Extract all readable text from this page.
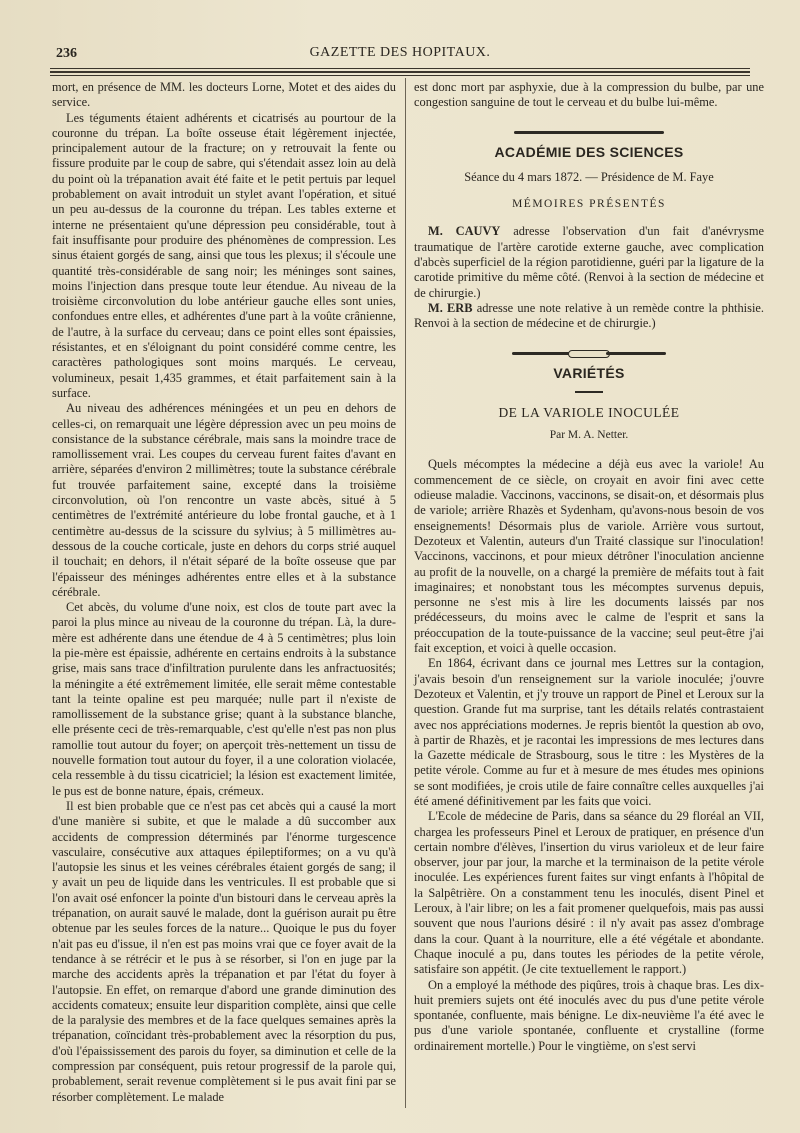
236	GAZETTE DES HOPITAUX.

mort, en présence de MM. les docteurs Lorne, Motet et des aides du service.

Les téguments étaient adhérents et cicatrisés au pourtour de la couronne du trépan. La boîte osseuse était légèrement injectée, principalement autour de la fracture; on y retrouvait la fente ou fissure produite par le coup de sabre, qui s'étendait assez loin au delà du point où la trépanation avait été faite et le petit pertuis par lequel probablement on avait introduit un stylet avant l'opération, et situé un peu au-dessus de la couronne du trépan. Les tables externe et interne ne présentaient qu'une dépression peu considérable, tout à fait insuffisante pour produire des phénomènes de compression. Les sinus étaient gorgés de sang, ainsi que tous les plexus; il s'écoule une quantité très-considérable de sang noir; les méninges sont saines, moins l'injection dans presque toute leur étendue. Au niveau de la troisième circonvolution du lobe antérieur gauche elles sont unies, confondues entre elles, et adhérentes d'une part à la voûte crânienne, de l'autre, à la surface du cerveau; dans ce point elles sont épaissies, résistantes, et en s'éloignant du point considéré comme centre, les caractères pathologiques sont moins marqués. Le cerveau, volumineux, pesait 1,435 grammes, et était parfaitement sain à la surface.

Au niveau des adhérences méningées et un peu en dehors de celles-ci, on remarquait une légère dépression avec un peu moins de consistance de la substance cérébrale, mais sans la moindre trace de ramollissement vrai. Les coupes du cerveau furent faites d'avant en arrière, séparées d'environ 2 millimètres; toute la substance cérébrale fut trouvée parfaitement saine, excepté dans la troisième circonvolution, où l'on rencontre un vaste abcès, situé à 5 centimètres de l'extrémité antérieure du lobe frontal gauche, et à 1 centimètre au-dessus de la scissure du sylvius; à 5 millimètres au-dessous de la couche corticale, juste en dehors du corps strié auquel il touchait; en dehors, il n'était séparé de la boîte osseuse que par l'épaisseur des méninges adhérentes entre elles et à la substance cérébrale.

Cet abcès, du volume d'une noix, est clos de toute part avec la paroi la plus mince au niveau de la couronne du trépan. Là, la dure-mère est adhérente dans une étendue de 4 à 5 centimètres; plus loin la pie-mère est épaissie, adhérente en certains endroits à la substance grise, mais sans trace d'infiltration purulente dans les anfractuosités; la méningite a été extrêmement limitée, elle serait même contestable tant la teinte opaline est peu marquée; nulle part il n'existe de ramollissement de la substance grise; quant à la substance blanche, elle présente ceci de très-remarquable, c'est qu'elle n'est pas non plus ramollie tout autour du foyer; on aperçoit très-nettement un tissu de nouvelle formation tout autour du foyer, il a une coloration violacée, cela ressemble à du tissu cicatriciel; la lésion est exactement limitée, le pus est de bonne nature, épais, crémeux.

Il est bien probable que ce n'est pas cet abcès qui a causé la mort d'une manière si subite, et que le malade a dû succomber aux accidents de compression déterminés par l'énorme turgescence vasculaire, consécutive aux attaques épileptiformes; on a vu qu'à l'autopsie les sinus et les veines cérébrales étaient gorgés de sang; il y avait un peu de liquide dans les ventricules. Il est probable que si l'on avait osé enfoncer la pointe d'un bistouri dans le cerveau après la trépanation, on aurait sauvé le malade, dont la guérison aurait pu être obtenue par les seules forces de la nature... Quoique le pus du foyer n'ait pas eu d'issue, il n'en est pas moins vrai que ce foyer avait de la tendance à se rétrécir et le pus à se résorber, si l'on en juge par la marche des accidents après la trépanation et par l'état du foyer à l'autopsie. En effet, on remarque d'abord une grande diminution des accidents comateux; ensuite leur disparition complète, ainsi que celle de la paralysie des membres et de la face quelques semaines après la trépanation, coïncidant très-probablement avec la résorption du pus, d'où l'épaississement des parois du foyer, sa diminution et celle de la compression par conséquent, puis retour progressif de la parole qui, probablement, serait revenue complètement si le pus avait fini par se résorber complètement. Le malade

est donc mort par asphyxie, due à la compression du bulbe, par une congestion sanguine de tout le cerveau et du bulbe lui-même.

ACADÉMIE DES SCIENCES
Séance du 4 mars 1872. — Présidence de M. Faye
MÉMOIRES PRÉSENTÉS

M. CAUVY adresse l'observation d'un fait d'anévrysme traumatique de l'artère carotide externe gauche, avec complication d'abcès superficiel de la région parotidienne, guéri par la ligature de la carotide primitive du même côté. (Renvoi à la section de médecine et de chirurgie.)

M. ERB adresse une note relative à un remède contre la phthisie. Renvoi à la section de médecine et de chirurgie.)

VARIÉTÉS
DE LA VARIOLE INOCULÉE
Par M. A. Netter.

Quels mécomptes la médecine a déjà eus avec la variole! Au commencement de ce siècle, on croyait en avoir fini avec cette odieuse maladie. Vaccinons, vaccinons, se disait-on, et désormais plus de variole; arrière Rhazès et Sydenham, qu'avons-nous besoin de vos enseignements! Désormais plus de variole. Arrière vous surtout, Dezoteux et Valentin, auteurs d'un Traité classique sur l'inoculation! Vaccinons, vaccinons, et pour mieux détrôner l'inoculation ancienne au profit de la nouvelle, on a chargé la première de méfaits tout à fait imaginaires; et nonobstant tous les mécomptes survenus depuis, personne ne s'est mis à lire les documents laissés par nos prédécesseurs, du moins avec le calme de l'esprit et sans la préoccupation de la toute-puissance de la vaccine; seul peut-être j'ai fait exception, et voici à quelle occasion.

En 1864, écrivant dans ce journal mes Lettres sur la contagion, j'avais besoin d'un renseignement sur la variole inoculée; j'ouvre Dezoteux et Valentin, et j'y trouve un rapport de Pinel et Leroux sur la question. Grande fut ma surprise, tant les détails relatés contrastaient avec nos appréciations modernes. Je repris bientôt la question ab ovo, à partir de Rhazès, et je racontai les impressions de mes lectures dans la Gazette médicale de Strasbourg, sous le titre : les Mystères de la petite vérole. Comme au fur et à mesure de mes études mes opinions se sont modifiées, je crois utile de faire connaître celles auxquelles j'ai été amené définitivement par les faits que voici.

L'Ecole de médecine de Paris, dans sa séance du 29 floréal an VII, chargea les professeurs Pinel et Leroux de pratiquer, en présence d'un certain nombre d'élèves, l'insertion du virus varioleux et de leur faire observer, jour par jour, la marche et la terminaison de la petite vérole inoculée. Les expériences furent faites sur vingt enfants à l'hôpital de la Salpêtrière. On a constamment tenu les inoculés, disent Pinel et Leroux, à l'air libre; on les a fait promener quelquefois, mais pas aussi souvent que nous l'aurions désiré : il n'y avait pas assez d'ombrage dans la cour. Quant à la nourriture, elle a été végétale et abondante. Chaque inoculé a pu, dans toutes les périodes de la petite vérole, satisfaire son appétit. (Je cite textuellement le rapport.)

On a employé la méthode des piqûres, trois à chaque bras. Les dix-huit premiers sujets ont été inoculés avec du pus d'une petite vérole spontanée, confluente, mais bénigne. Le dix-neuvième l'a été avec le pus d'une variole spontanée, confluente et crystalline (forme ordinairement mortelle.) Pour le vingtième, on s'est servi
